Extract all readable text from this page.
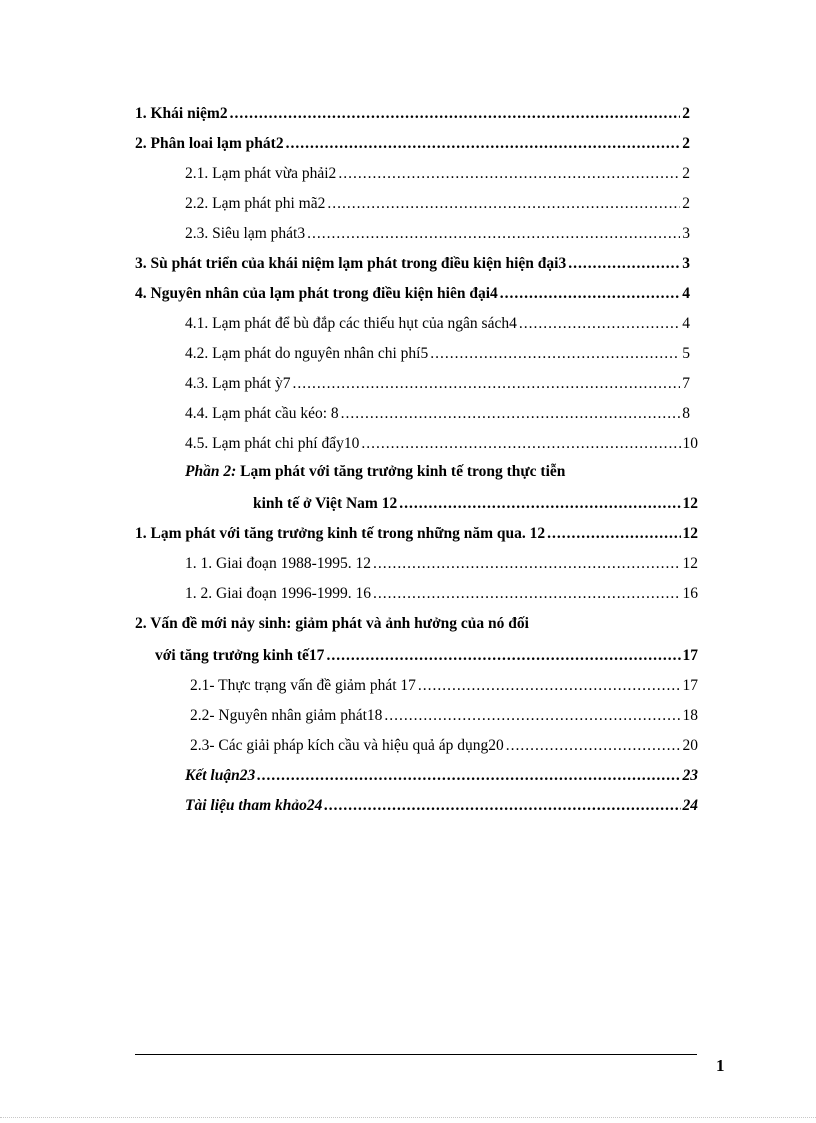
1. Khái niệm2 .....	2
2. Phân loai lạm phát2 .....	2
2.1. Lạm phát vừa phải2 .....	2
2.2. Lạm phát phi mã2 .....	2
2.3. Siêu lạm phát3 .....	3
3. Sù phát triển của khái niệm lạm phát trong điều kiện hiện đại3 .....	3
4. Nguyên nhân của lạm phát trong điều kiện hiên đại4 .....	4
4.1. Lạm phát để bù đắp các thiếu hụt của ngân sách4 .....	4
4.2. Lạm phát do nguyên nhân chi phí5 .....	5
4.3. Lạm phát ỳ7 .....	7
4.4. Lạm phát cầu kéo: 8 .....	8
4.5. Lạm phát chi phí đẩy10 .....	10
Phần 2: Lạm phát với tăng trưởng kinh tế trong thực tiễn
kinh tế ở Việt Nam 12 .....	12
1. Lạm phát với tăng trưởng kinh tế trong những năm qua. 12 .....	12
1. 1. Giai đoạn 1988-1995. 12 .....	12
1. 2. Giai đoạn 1996-1999. 16 .....	16
2. Vấn đề mới nảy sinh: giảm phát và ảnh hưởng của nó đối
với tăng trưởng kinh tế17 .....	17
2.1- Thực trạng vấn đề giảm phát 17 .....	17
2.2- Nguyên nhân giảm phát18 .....	18
2.3- Các giải pháp kích cầu và hiệu quả áp dụng20 .....	20
Kết luận23 .....	23
Tài liệu tham khảo24 .....	24
1
